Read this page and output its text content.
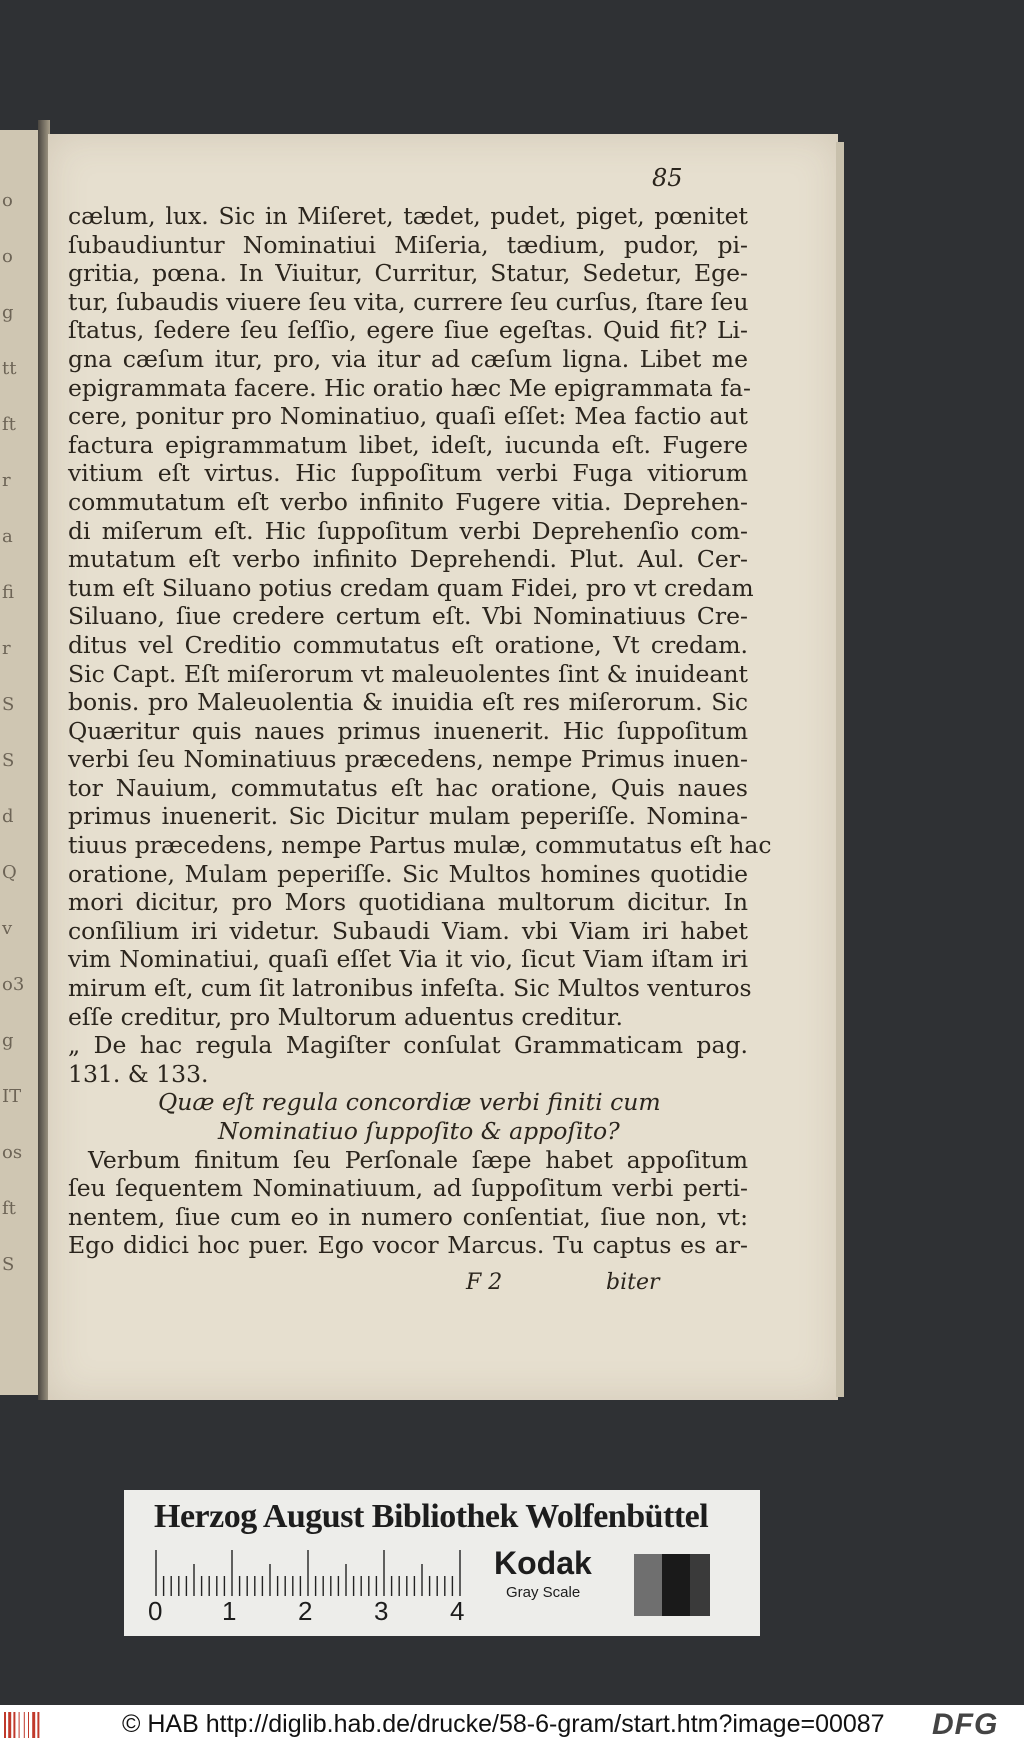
o
o
g
tt
ft
r
a
fi
r
S
S
d
Q
v
o3
g
IT
os
ft
S
85
cælum, lux. Sic in Miſeret, tædet, pudet, piget, pœnitet
ſubaudiuntur Nominatiui Miſeria, tædium, pudor, pi-
gritia, pœna. In Viuitur, Curritur, Statur, Sedetur, Ege-
tur, ſubaudis viuere ſeu vita, currere ſeu curſus, ſtare ſeu
ſtatus, ſedere ſeu ſeſſio, egere ſiue egeſtas. Quid fit? Li-
gna cæſum itur, pro, via itur ad cæſum ligna. Libet me
epigrammata facere. Hic oratio hæc Me epigrammata fa-
cere, ponitur pro Nominatiuo, quaſi eſſet: Mea factio aut
factura epigrammatum libet, ideſt, iucunda eſt. Fugere
vitium eſt virtus. Hic ſuppoſitum verbi Fuga vitiorum
commutatum eſt verbo infinito Fugere vitia. Deprehen-
di miſerum eſt. Hic ſuppoſitum verbi Deprehenſio com-
mutatum eſt verbo infinito Deprehendi. Plut. Aul. Cer-
tum eſt Siluano potius credam quam Fidei, pro vt credam
Siluano, ſiue credere certum eſt. Vbi Nominatiuus Cre-
ditus vel Creditio commutatus eſt oratione, Vt credam.
Sic Capt. Eſt miſerorum vt maleuolentes ſint & inuideant
bonis. pro Maleuolentia & inuidia eſt res miſerorum. Sic
Quæritur quis naues primus inuenerit. Hic ſuppoſitum
verbi ſeu Nominatiuus præcedens, nempe Primus inuen-
tor Nauium, commutatus eſt hac oratione, Quis naues
primus inuenerit. Sic Dicitur mulam peperiſſe. Nomina-
tiuus præcedens, nempe Partus mulæ, commutatus eſt hac
oratione, Mulam peperiſſe. Sic Multos homines quotidie
mori dicitur, pro Mors quotidiana multorum dicitur. In
conſilium iri videtur. Subaudi Viam. vbi Viam iri habet
vim Nominatiui, quaſi eſſet Via it vio, ſicut Viam iſtam iri
mirum eſt, cum ſit latronibus infeſta. Sic Multos venturos
eſſe creditur, pro Multorum aduentus creditur.
„ De hac regula Magiſter conſulat Grammaticam pag.
131. & 133.
Quæ eſt regula concordiæ verbi finiti cum
Nominatiuo ſuppoſito & appoſito?
Verbum finitum ſeu Perſonale ſæpe habet appoſitum
ſeu ſequentem Nominatiuum, ad ſuppoſitum verbi perti-
nentem, ſiue cum eo in numero conſentiat, ſiue non, vt:
Ego didici hoc puer. Ego vocor Marcus. Tu captus es ar-
F 2	biter
Herzog August Bibliothek Wolfenbüttel
0 1 2 3 4
Kodak
Gray Scale
© HAB http://diglib.hab.de/drucke/58-6-gram/start.htm?image=00087 DFG
